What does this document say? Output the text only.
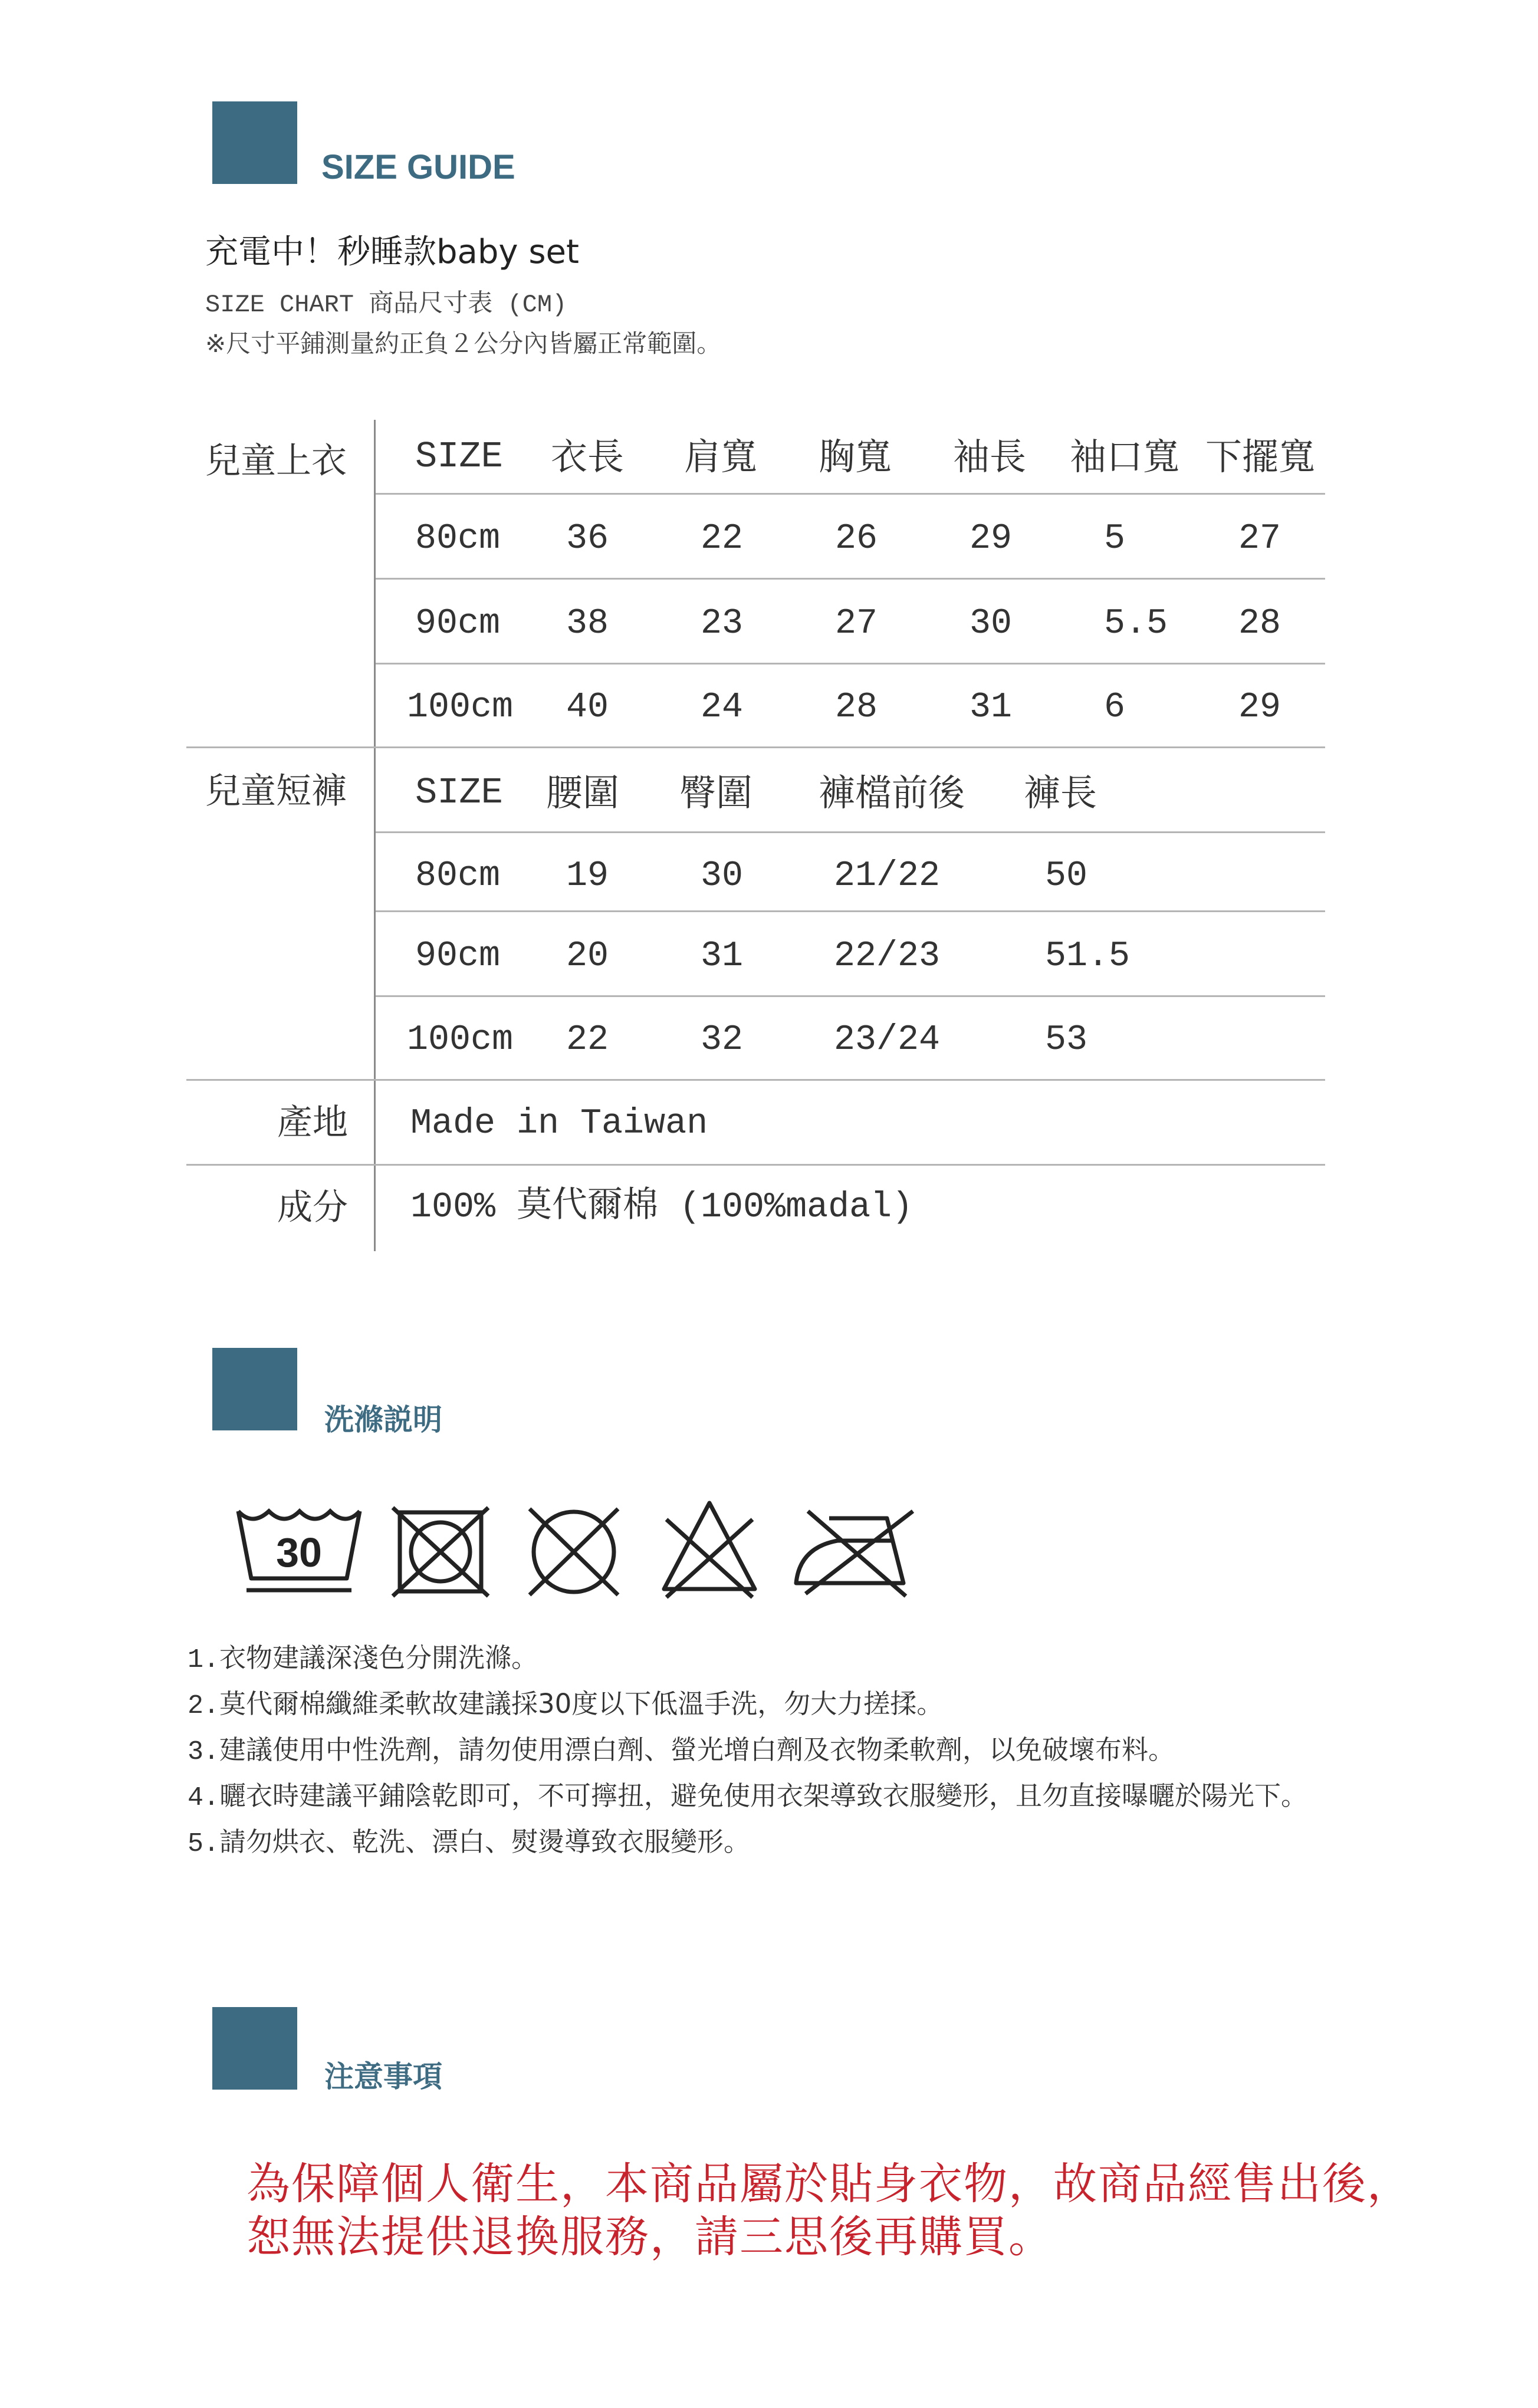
SIZE GUIDE
充電中！秒睡款baby set
SIZE CHART 商品尺寸表 (CM)
※尺寸平鋪測量約正負２公分內皆屬正常範圍。
兒童上衣 SIZE 衣長 肩寬 胸寬 袖長 袖口寬 下擺寬
80cm 36	22	26	29	5	27
90cm 38	23	27	30	5.5 28
100cm 40	24	28	31	6	29
兒童短褲 SIZE 腰圍 臀圍 褲檔前後 褲長
80cm 19	30	21/22	50
90cm 20	31	22/23	51.5
100cm 22	32	23/24	53
產地 Made in Taiwan
成分 100% 莫代爾棉 (100%madal)
洗滌説明
30
1.衣物建議深淺色分開洗滌。
2.莫代爾棉纖維柔軟故建議採30度以下低溫手洗，勿大力搓揉。
3.建議使用中性洗劑，請勿使用漂白劑、螢光增白劑及衣物柔軟劑，以免破壞布料。
4.曬衣時建議平鋪陰乾即可，不可擰扭，避免使用衣架導致衣服變形，且勿直接曝曬於陽光下。
5.請勿烘衣、乾洗、漂白、熨燙導致衣服變形。
注意事項
為保障個人衛生，本商品屬於貼身衣物，故商品經售出後，
恕無法提供退換服務，請三思後再購買。
